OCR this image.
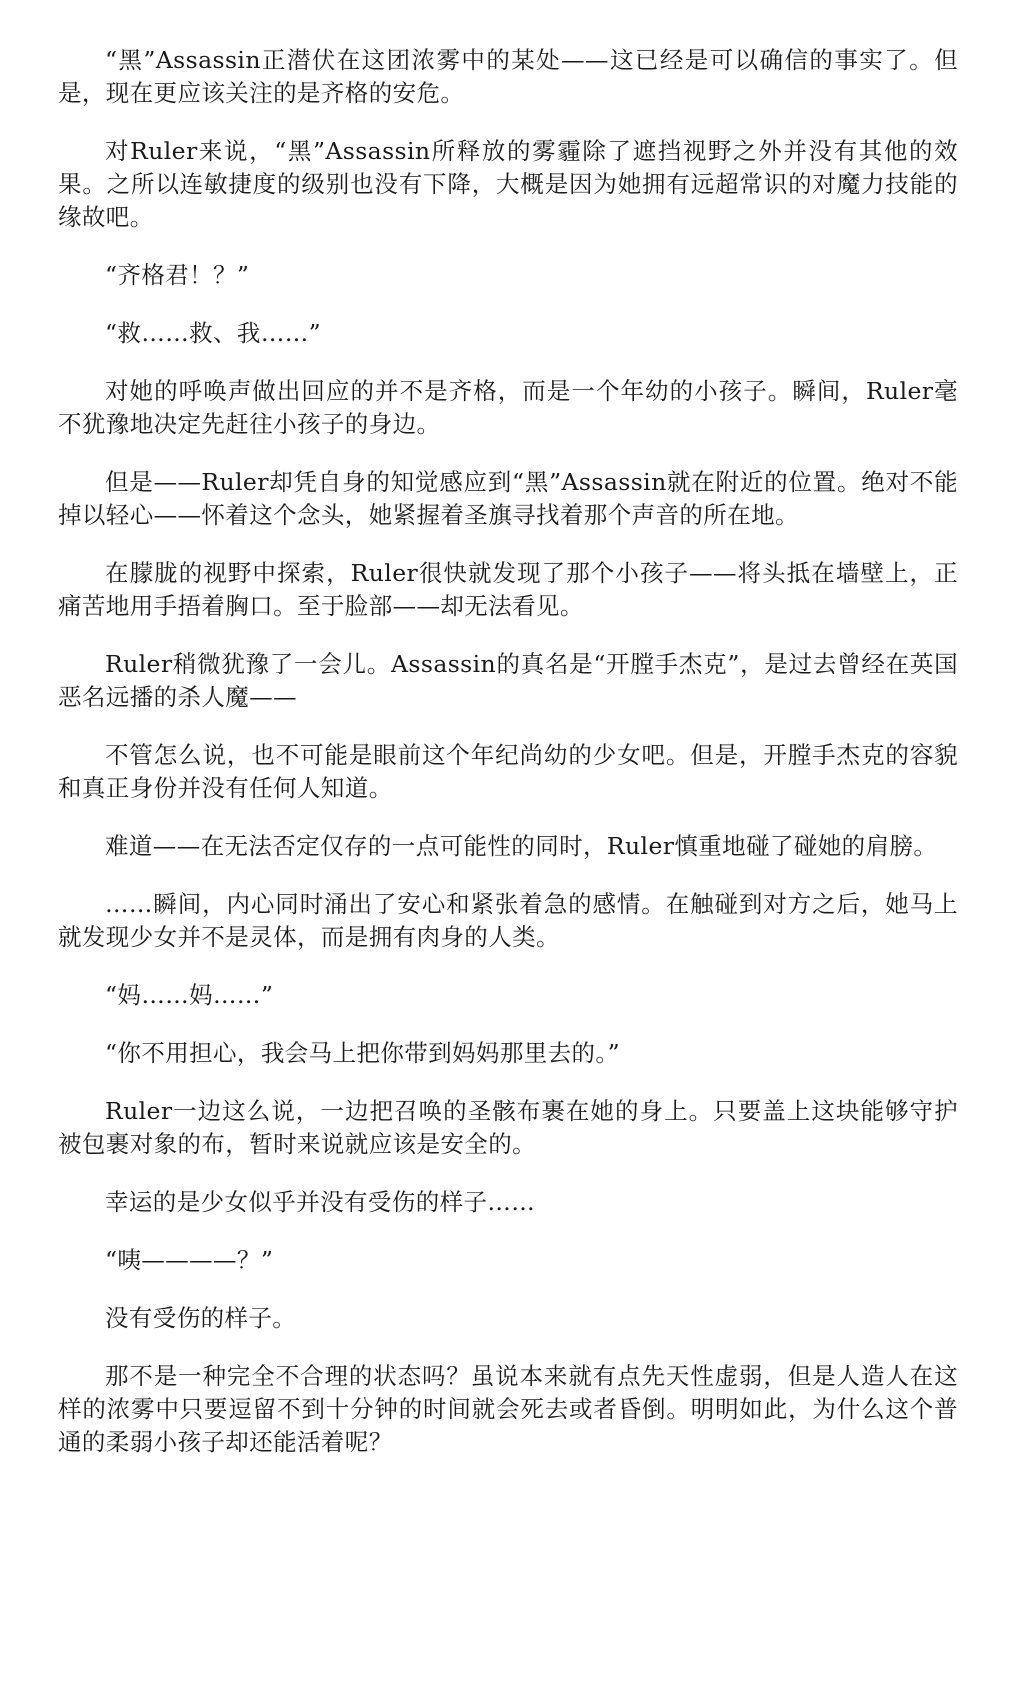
“黑”Assassin正潜伏在这团浓雾中的某处——这已经是可以确信的事实了。但是，现在更应该关注的是齐格的安危。

对Ruler来说，“黑”Assassin所释放的雾霾除了遮挡视野之外并没有其他的效果。之所以连敏捷度的级别也没有下降，大概是因为她拥有远超常识的对魔力技能的缘故吧。

“齐格君！？”

“救……救、我……”

对她的呼唤声做出回应的并不是齐格，而是一个年幼的小孩子。瞬间，Ruler毫不犹豫地决定先赶往小孩子的身边。

但是——Ruler却凭自身的知觉感应到“黑”Assassin就在附近的位置。绝对不能掉以轻心——怀着这个念头，她紧握着圣旗寻找着那个声音的所在地。

在朦胧的视野中探索，Ruler很快就发现了那个小孩子——将头抵在墙壁上，正痛苦地用手捂着胸口。至于脸部——却无法看见。

Ruler稍微犹豫了一会儿。Assassin的真名是“开膛手杰克”，是过去曾经在英国恶名远播的杀人魔——

不管怎么说，也不可能是眼前这个年纪尚幼的少女吧。但是，开膛手杰克的容貌和真正身份并没有任何人知道。

难道——在无法否定仅存的一点可能性的同时，Ruler慎重地碰了碰她的肩膀。

……瞬间，内心同时涌出了安心和紧张着急的感情。在触碰到对方之后，她马上就发现少女并不是灵体，而是拥有肉身的人类。

“妈……妈……”

“你不用担心，我会马上把你带到妈妈那里去的。”

Ruler一边这么说，一边把召唤的圣骸布裹在她的身上。只要盖上这块能够守护被包裹对象的布，暂时来说就应该是安全的。

幸运的是少女似乎并没有受伤的样子……

“咦————？”

没有受伤的样子。

那不是一种完全不合理的状态吗？虽说本来就有点先天性虚弱，但是人造人在这样的浓雾中只要逗留不到十分钟的时间就会死去或者昏倒。明明如此，为什么这个普通的柔弱小孩子却还能活着呢？
